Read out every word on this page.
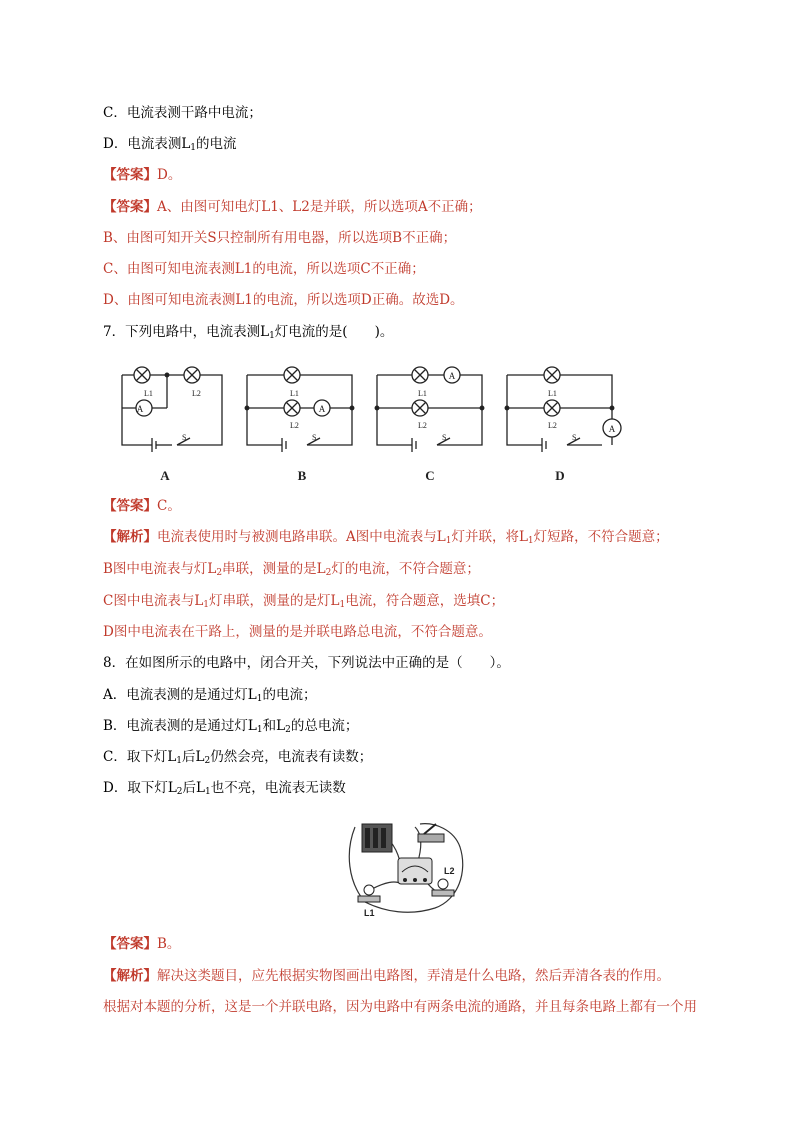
C．电流表测干路中电流；
D．电流表测$L_1$的电流
【答案】D。
【答案】A、由图可知电灯L1、L2是并联，所以选项A不正确；
B、由图可知开关S只控制所有用电器，所以选项B不正确；
C、由图可知电流表测L1的电流，所以选项C不正确；
D、由图可知电流表测L1的电流，所以选项D正确。故选D。
7．下列电路中，电流表测$L_1$灯电流的是(　　)。
A
L1	L2
S
A
A
L1
L2
S
B
A
L1
L2
S
C
A
L1
L2
S
D
【答案】C。
【解析】电流表使用时与被测电路串联。A图中电流表与$L_1$灯并联，将$L_1$灯短路，不符合题意；
B图中电流表与灯$L_2$串联，测量的是$L_2$灯的电流，不符合题意；
C图中电流表与$L_1$灯串联，测量的是灯$L_1$电流，符合题意，选填C；
D图中电流表在干路上，测量的是并联电路总电流，不符合题意。
8．在如图所示的电路中，闭合开关，下列说法中正确的是（　　）。
A．电流表测的是通过灯$L_1$的电流；
B．电流表测的是通过灯$L_1$和$L_2$的总电流；
C．取下灯$L_1$后$L_2$仍然会亮，电流表有读数；
D．取下灯$L_2$后$L_1$也不亮，电流表无读数
L1
L2
【答案】B。
【解析】解决这类题目，应先根据实物图画出电路图，弄清是什么电路，然后弄清各表的作用。
根据对本题的分析，这是一个并联电路，因为电路中有两条电流的通路，并且每条电路上都有一个用
